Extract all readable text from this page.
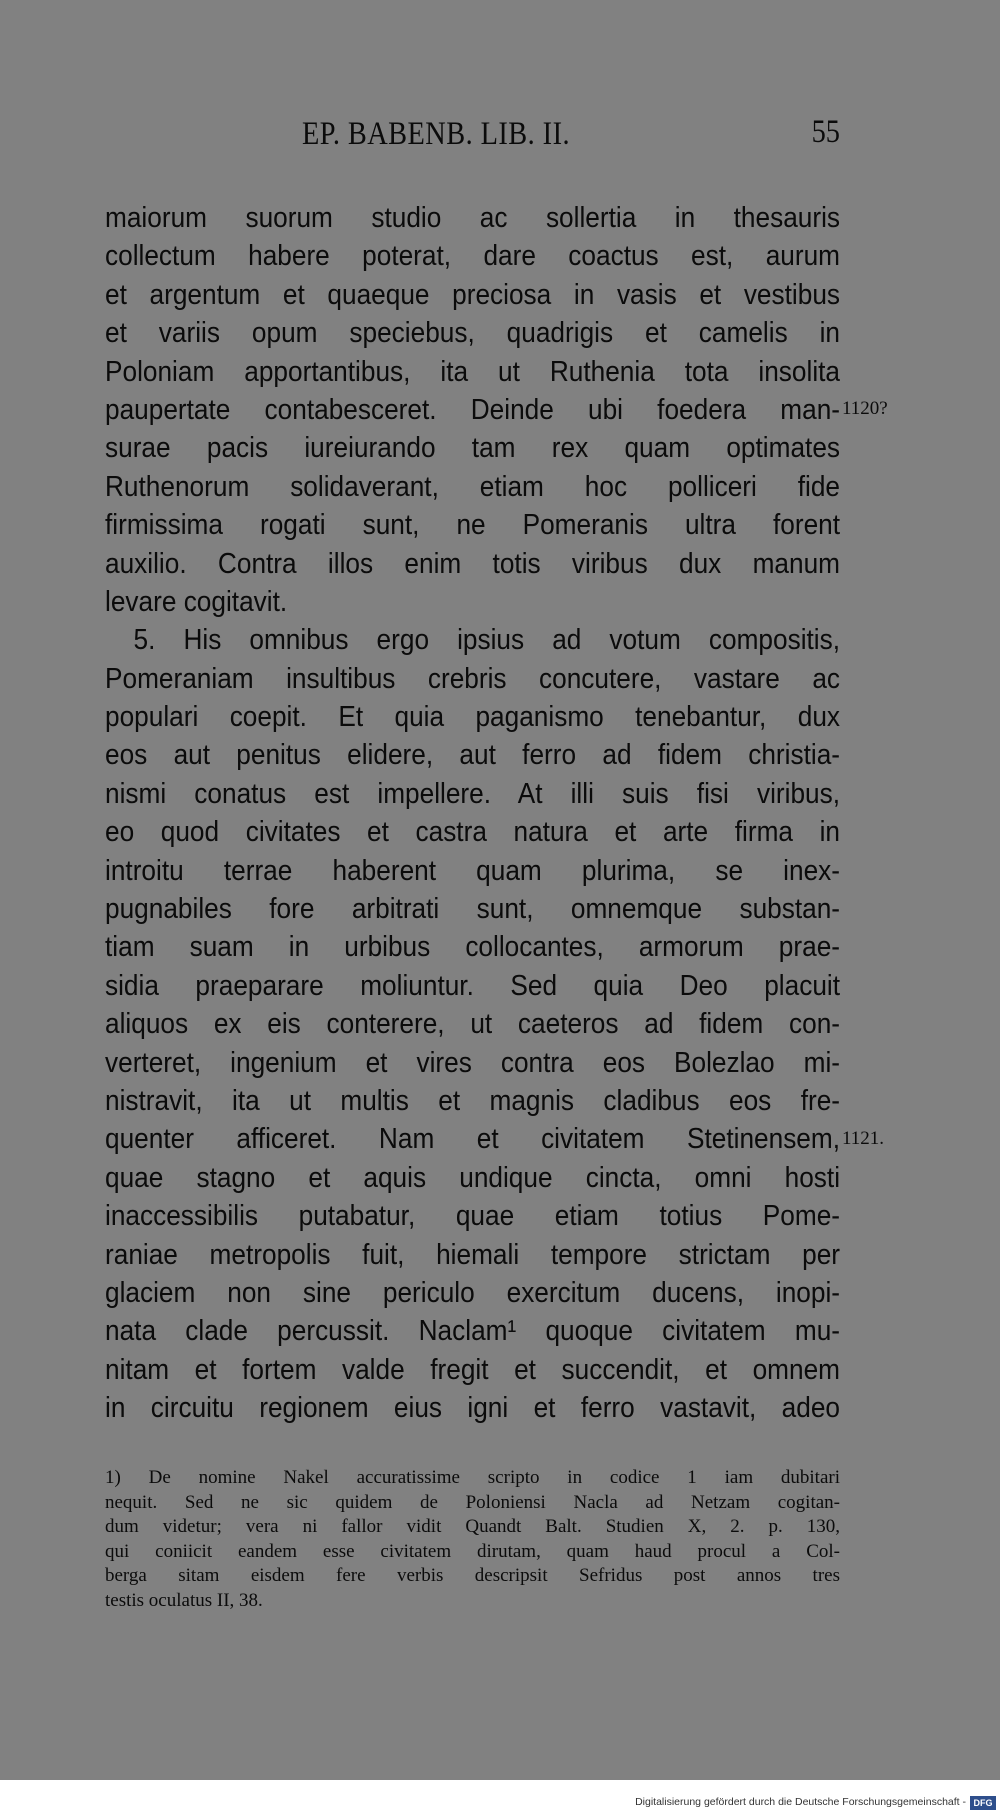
EP. BABENB. LIB. II.	55
maiorum suorum studio ac sollertia in thesauris
collectum habere poterat, dare coactus est, aurum
et argentum et quaeque preciosa in vasis et vestibus
et variis opum speciebus, quadrigis et camelis in
Poloniam apportantibus, ita ut Ruthenia tota insolita
paupertate contabesceret. Deinde ubi foedera man-
surae pacis iureiurando tam rex quam optimates
Ruthenorum solidaverant, etiam hoc polliceri fide
firmissima rogati sunt, ne Pomeranis ultra forent
auxilio. Contra illos enim totis viribus dux manum
levare cogitavit.
5. His omnibus ergo ipsius ad votum compositis,
Pomeraniam insultibus crebris concutere, vastare ac
populari coepit. Et quia paganismo tenebantur, dux
eos aut penitus elidere, aut ferro ad fidem christia-
nismi conatus est impellere. At illi suis fisi viribus,
eo quod civitates et castra natura et arte firma in
introitu terrae haberent quam plurima, se inex-
pugnabiles fore arbitrati sunt, omnemque substan-
tiam suam in urbibus collocantes, armorum prae-
sidia praeparare moliuntur. Sed quia Deo placuit
aliquos ex eis conterere, ut caeteros ad fidem con-
verteret, ingenium et vires contra eos Bolezlao mi-
nistravit, ita ut multis et magnis cladibus eos fre-
quenter afficeret. Nam et civitatem Stetinensem,
quae stagno et aquis undique cincta, omni hosti
inaccessibilis putabatur, quae etiam totius Pome-
raniae metropolis fuit, hiemali tempore strictam per
glaciem non sine periculo exercitum ducens, inopi-
nata clade percussit. Naclam¹ quoque civitatem mu-
nitam et fortem valde fregit et succendit, et omnem
in circuitu regionem eius igni et ferro vastavit, adeo
1120?
1121.
1) De nomine Nakel accuratissime scripto in codice 1 iam dubitari
nequit. Sed ne sic quidem de Poloniensi Nacla ad Netzam cogitan-
dum videtur; vera ni fallor vidit Quandt Balt. Studien X, 2. p. 130,
qui coniicit eandem esse civitatem dirutam, quam haud procul a Col-
berga sitam eisdem fere verbis descripsit Sefridus post annos tres
testis oculatus II, 38.
Digitalisierung gefördert durch die Deutsche Forschungsgemeinschaft - DFG
